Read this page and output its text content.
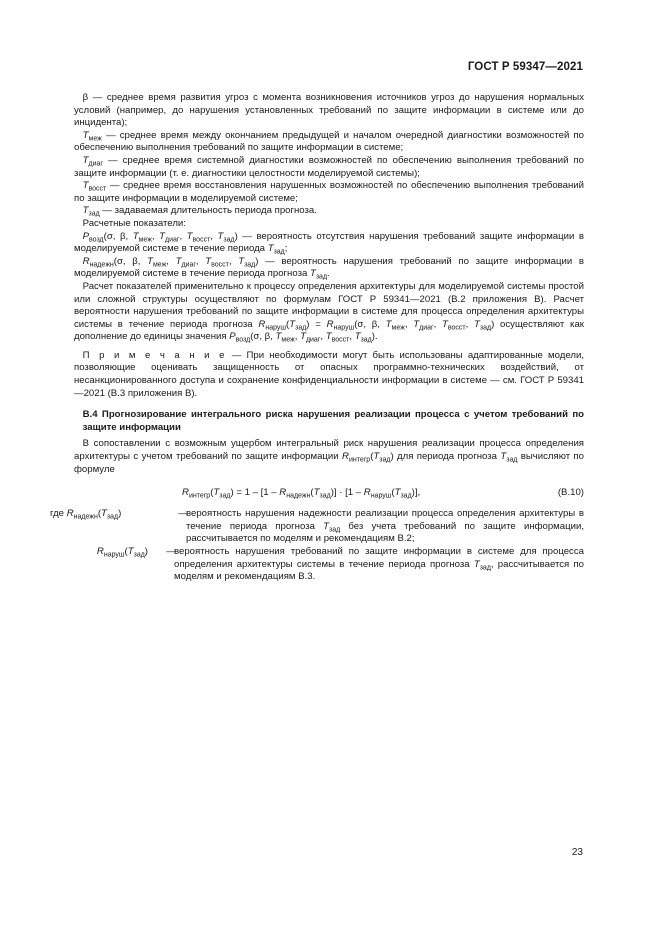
ГОСТ Р 59347—2021

β — среднее время развития угроз с момента возникновения источников угроз до нарушения нормальных условий (например, до нарушения установленных требований по защите информации в системе или до инцидента);

$T_{меж}$ — среднее время между окончанием предыдущей и началом очередной диагностики возможностей по обеспечению выполнения требований по защите информации в системе;

$T_{диаг}$ — среднее время системной диагностики возможностей по обеспечению выполнения требований по защите информации (т. е. диагностики целостности моделируемой системы);

$T_{восст}$ — среднее время восстановления нарушенных возможностей по обеспечению выполнения требований по защите информации в моделируемой системе;

$T_{зад}$ — задаваемая длительность периода прогноза.

Расчетные показатели:

$P_{возд}(\sigma$, β, $T_{меж}$, $T_{диаг}$, $T_{восст}$, $T_{зад}$) — вероятность отсутствия нарушения требований защите информации в моделируемой системе в течение периода $T_{зад}$;

$R_{надежн}(\sigma$, β, $T_{меж}$, $T_{диаг}$, $T_{восст}$, $T_{зад}$) — вероятность нарушения требований по защите информации в моделируемой системе в течение периода прогноза $T_{зад}$.

Расчет показателей применительно к процессу определения архитектуры для моделируемой системы простой или сложной структуры осуществляют по формулам ГОСТ Р 59341—2021 (В.2 приложения В). Расчет вероятности нарушения требований по защите информации в системе для процесса определения архитектуры системы в течение периода прогноза $R_{наруш}(T_{зад}) = R_{наруш}(\sigma$, β, $T_{меж}$, $T_{диаг}$, $T_{восст}$, $T_{зад}$) осуществляют как дополнение до единицы значения $P_{возд}(\sigma$, β, $T_{меж}$, $T_{диаг}$, $T_{восст}$, $T_{зад}$).

П р и м е ч а н и е — При необходимости могут быть использованы адаптированные модели, позволяющие оценивать защищенность от опасных программно-технических воздействий, от несанкционированного доступа и сохранение конфиденциальности информации в системе — см. ГОСТ Р 59341—2021 (В.3 приложения В).

В.4 Прогнозирование интегрального риска нарушения реализации процесса с учетом требований по защите информации

В сопоставлении с возможным ущербом интегральный риск нарушения реализации процесса определения архитектуры с учетом требований по защите информации $R_{интегр}(T_{зад})$ для периода прогноза $T_{зад}$ вычисляют по формуле

$R_{интегр}(T_{зад}) = 1 - [1 - R_{надежн}(T_{зад})] \cdot [1 - R_{наруш}(T_{зад})]$,	(В.10)
где $R_{надежн}(T_{зад})$	—
вероятность нарушения надежности реализации процесса определения архитектуры в течение периода прогноза $T_{зад}$ без учета требований по защите информации, рассчитывается по моделям и рекомендациям В.2;
$R_{наруш}(T_{зад})$ —
вероятность нарушения требований по защите информации в системе для процесса определения архитектуры системы в течение периода прогноза $T_{зад}$, рассчитывается по моделям и рекомендациям В.3.
23
